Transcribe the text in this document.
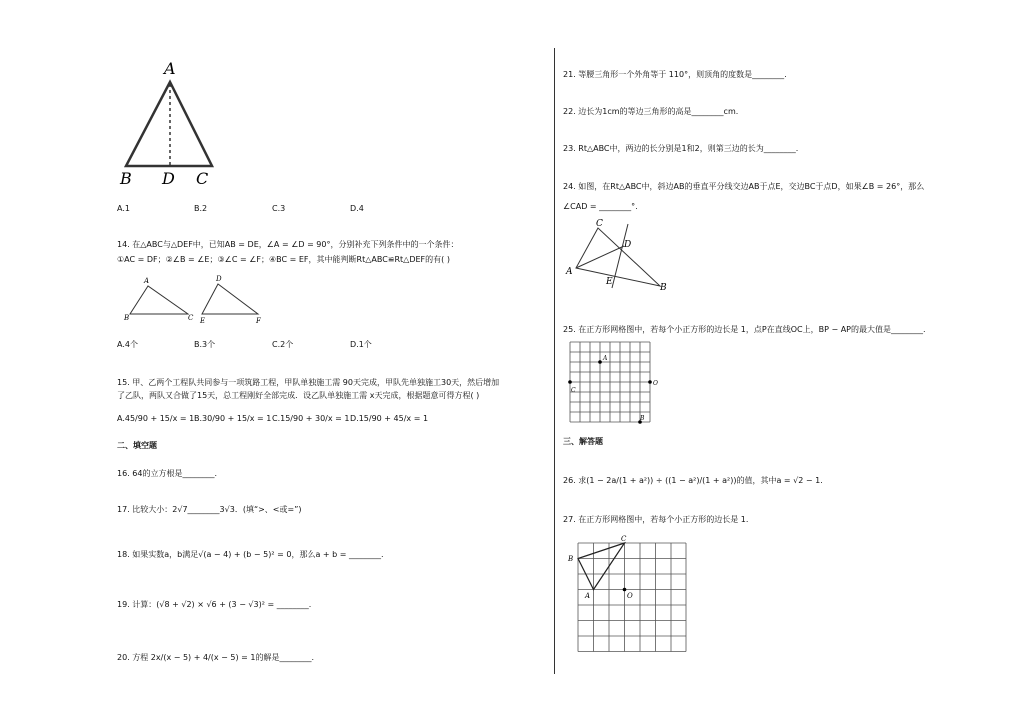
A
B D C
A.1	B.2	C.3	D.4
14. 在△ABC与△DEF中，已知AB = DE，∠A = ∠D = 90°，分别补充下列条件中的一个条件：
①AC = DF；②∠B = ∠E；③∠C = ∠F；④BC = EF，其中能判断Rt△ABC≌Rt△DEF的有( )
A
B	C
D
E	F
A.4个	B.3个	C.2个	D.1个
15. 甲、乙两个工程队共同参与一项筑路工程，甲队单独施工需 90天完成，甲队先单独施工30天，然后增加
了乙队，两队又合做了15天，总工程刚好全部完成．设乙队单独施工需 x天完成，根据题意可得方程( )
A.45/90 + 15/x = 1 B.30/90 + 15/x = 1 C.15/90 + 30/x = 1 D.15/90 + 45/x = 1
二、填空题
16. 64的立方根是________.
17. 比较大小：2√7________3√3．(填“>、<或=”)
18. 如果实数a，b满足√(a − 4) + (b − 5)² = 0，那么a + b = ________.
19. 计算：(√8 + √2) × √6 + (3 − √3)² = ________.
20. 方程 2x/(x − 5) + 4/(x − 5) = 1的解是________.
21. 等腰三角形一个外角等于 110°，则顶角的度数是________.
22. 边长为1cm的等边三角形的高是________cm.
23. Rt△ABC中，两边的长分别是1和2，则第三边的长为________.
24. 如图，在Rt△ABC中，斜边AB的垂直平分线交边AB于点E，交边BC于点D，如果∠B = 26°，那么
∠CAD = ________°.
C
D
A
E
B
25. 在正方形网格图中，若每个小正方形的边长是 1，点P在直线OC上，BP − AP的最大值是________.
A
O
C
B
三、解答题
26. 求(1 − 2a/(1 + a²)) ÷ ((1 − a²)/(1 + a²))的值，其中a = √2 − 1.
27. 在正方形网格图中，若每个小正方形的边长是 1.
C
B
A	O
